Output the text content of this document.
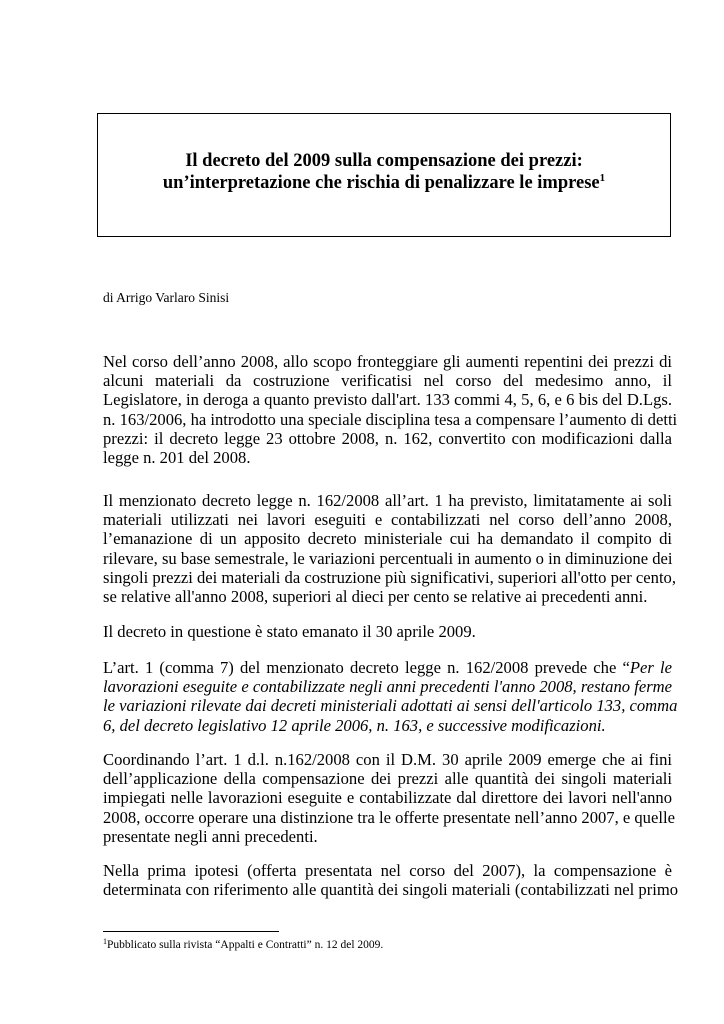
Il decreto del 2009 sulla compensazione dei prezzi:
un’interpretazione che rischia di penalizzare le imprese$^1$
di Arrigo Varlaro Sinisi
Nel corso dell’anno 2008, allo scopo fronteggiare gli aumenti repentini dei prezzi di
alcuni materiali da costruzione verificatisi nel corso del medesimo anno, il
Legislatore, in deroga a quanto previsto dall'art. 133 commi 4, 5, 6, e 6 bis del D.Lgs.
n. 163/2006, ha introdotto una speciale disciplina tesa a compensare l’aumento di detti
prezzi: il decreto legge 23 ottobre 2008, n. 162, convertito con modificazioni dalla
legge n. 201 del 2008.
Il menzionato decreto legge n. 162/2008 all’art. 1 ha previsto, limitatamente ai soli
materiali utilizzati nei lavori eseguiti e contabilizzati nel corso dell’anno 2008,
l’emanazione di un apposito decreto ministeriale cui ha demandato il compito di
rilevare, su base semestrale, le variazioni percentuali in aumento o in diminuzione dei
singoli prezzi dei materiali da costruzione più significativi, superiori all'otto per cento,
se relative all'anno 2008, superiori al dieci per cento se relative ai precedenti anni.
Il decreto in questione è stato emanato il 30 aprile 2009.
L’art. 1 (comma 7) del menzionato decreto legge n. 162/2008 prevede che “Per le
lavorazioni eseguite e contabilizzate negli anni precedenti l'anno 2008, restano ferme
le variazioni rilevate dai decreti ministeriali adottati ai sensi dell'articolo 133, comma
6, del decreto legislativo 12 aprile 2006, n. 163, e successive modificazioni.
Coordinando l’art. 1 d.l. n.162/2008 con il D.M. 30 aprile 2009 emerge che ai fini
dell’applicazione della compensazione dei prezzi alle quantità dei singoli materiali
impiegati nelle lavorazioni eseguite e contabilizzate dal direttore dei lavori nell'anno
2008, occorre operare una distinzione tra le offerte presentate nell’anno 2007, e quelle
presentate negli anni precedenti.
Nella prima ipotesi (offerta presentata nel corso del 2007), la compensazione è
determinata con riferimento alle quantità dei singoli materiali (contabilizzati nel primo
$^1$Pubblicato sulla rivista “Appalti e Contratti” n. 12 del 2009.
